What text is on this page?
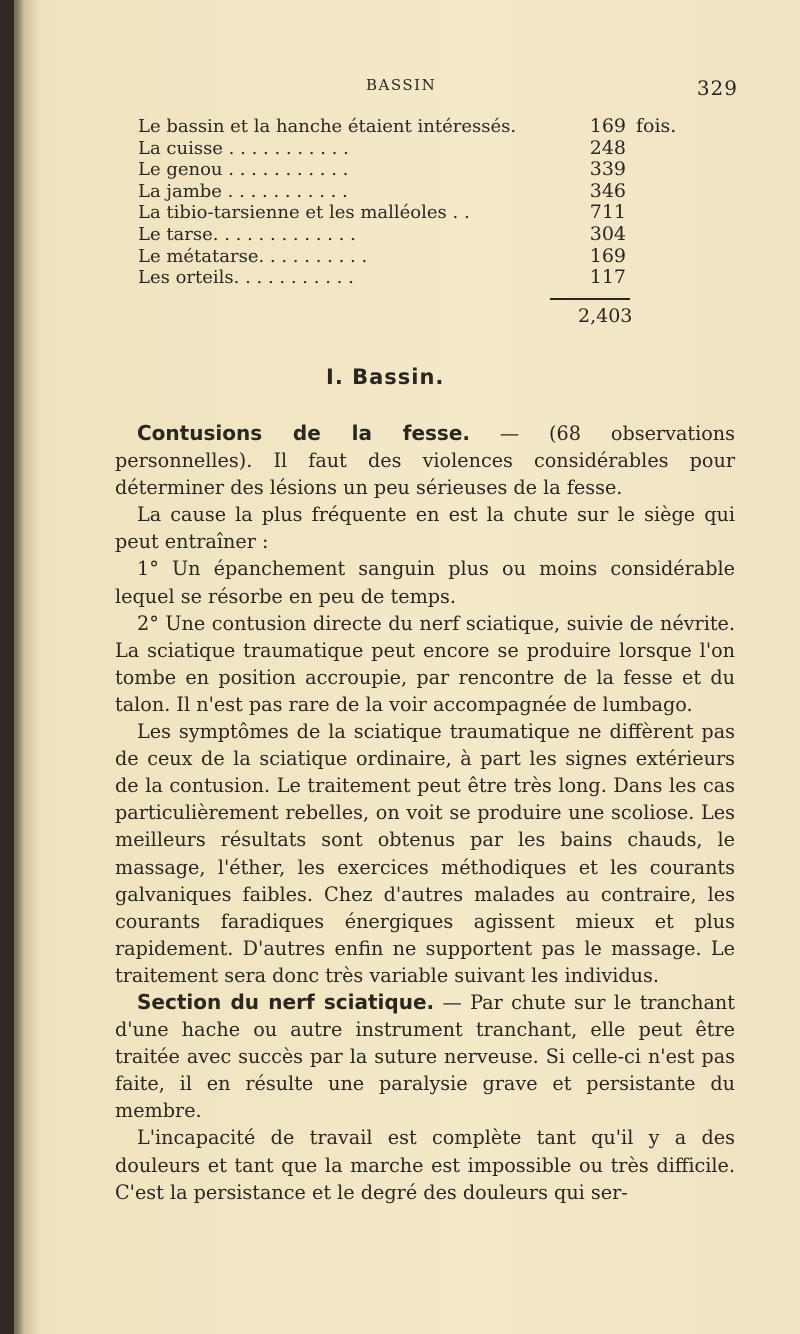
BASSIN	329
Le bassin et la hanche étaient intéressés.	169 fois.
La cuisse . . . . . . . . . . .	248
Le genou . . . . . . . . . . .	339
La jambe . . . . . . . . . . .	346
La tibio-tarsienne et les malléoles . .	711
Le tarse. . . . . . . . . . . . .	304
Le métatarse. . . . . . . . . .	169
Les orteils. . . . . . . . . . .	117
2,403
I. Bassin.

Contusions de la fesse. — (68 observations personnelles). Il faut des violences considérables pour déterminer des lésions un peu sérieuses de la fesse.

La cause la plus fréquente en est la chute sur le siège qui peut entraîner :

1° Un épanchement sanguin plus ou moins considérable lequel se résorbe en peu de temps.

2° Une contusion directe du nerf sciatique, suivie de névrite. La sciatique traumatique peut encore se produire lorsque l'on tombe en position accroupie, par rencontre de la fesse et du talon. Il n'est pas rare de la voir accompagnée de lumbago.

Les symptômes de la sciatique traumatique ne diffèrent pas de ceux de la sciatique ordinaire, à part les signes extérieurs de la contusion. Le traitement peut être très long. Dans les cas particulièrement rebelles, on voit se produire une scoliose. Les meilleurs résultats sont obtenus par les bains chauds, le massage, l'éther, les exercices méthodiques et les courants galvaniques faibles. Chez d'autres malades au contraire, les courants faradiques énergiques agissent mieux et plus rapidement. D'autres enfin ne supportent pas le massage. Le traitement sera donc très variable suivant les individus.

Section du nerf sciatique. — Par chute sur le tranchant d'une hache ou autre instrument tranchant, elle peut être traitée avec succès par la suture nerveuse. Si celle-ci n'est pas faite, il en résulte une paralysie grave et persistante du membre.

L'incapacité de travail est complète tant qu'il y a des douleurs et tant que la marche est impossible ou très difficile. C'est la persistance et le degré des douleurs qui ser-
